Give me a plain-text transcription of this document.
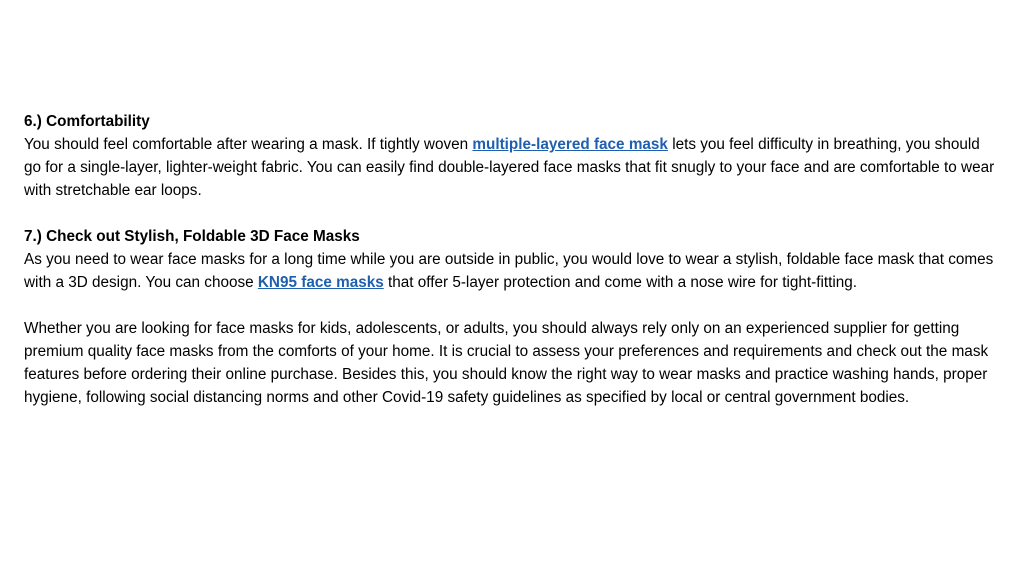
6.) Comfortability

You should feel comfortable after wearing a mask. If tightly woven multiple-layered face mask lets you feel difficulty in breathing, you should go for a single-layer, lighter-weight fabric. You can easily find double-layered face masks that fit snugly to your face and are comfortable to wear with stretchable ear loops.

7.) Check out Stylish, Foldable 3D Face Masks

As you need to wear face masks for a long time while you are outside in public, you would love to wear a stylish, foldable face mask that comes with a 3D design. You can choose KN95 face masks that offer 5-layer protection and come with a nose wire for tight-fitting.

Whether you are looking for face masks for kids, adolescents, or adults, you should always rely only on an experienced supplier for getting premium quality face masks from the comforts of your home. It is crucial to assess your preferences and requirements and check out the mask features before ordering their online purchase. Besides this, you should know the right way to wear masks and practice washing hands, proper hygiene, following social distancing norms and other Covid-19 safety guidelines as specified by local or central government bodies.
